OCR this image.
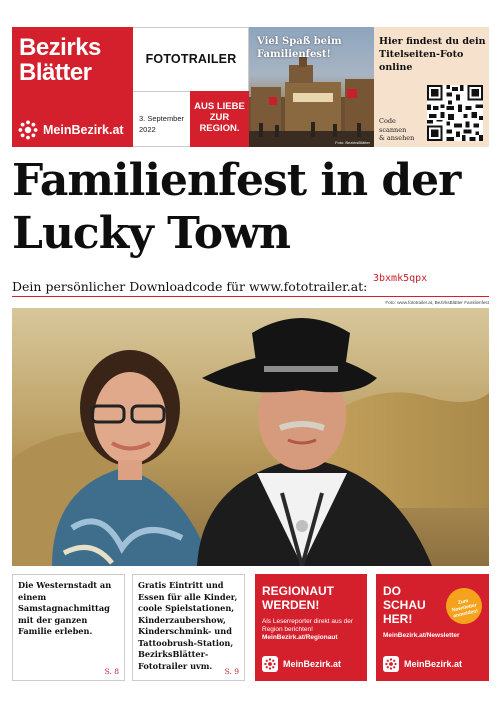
Bezirks
Blätter
MeinBezirk.at
FOTOTRAILER
3. September
2022
AUS LIEBE
ZUR
REGION.
Viel Spaß beim Familienfest!
Foto: BezirksBlätter
Hier findest du dein Titelseiten-Foto online
Code
scannen
& ansehen
Familienfest in der
Lucky Town
Dein persönlicher Downloadcode für www.fototrailer.at:
3bxmk5qpx
Foto: www.fototrailer.at, BezirksBlätter Familienfest
Die Westernstadt an einem Samstagnachmittag mit der ganzen Familie erleben.
S. 8
Gratis Eintritt und Essen für alle Kinder, coole Spielstationen, Kinderzaubershow, Kinderschmink- und Tattoobrush-Station, BezirksBlätter-Fototrailer uvm.
S. 9
REGIONAUT
WERDEN!
Als Leserreporter direkt aus der Region berichten!
MeinBezirk.at/Regionaut
MeinBezirk.at
DO
SCHAU
HER!
Zum Newsletter anmelden!
MeinBezirk.at/Newsletter
MeinBezirk.at
